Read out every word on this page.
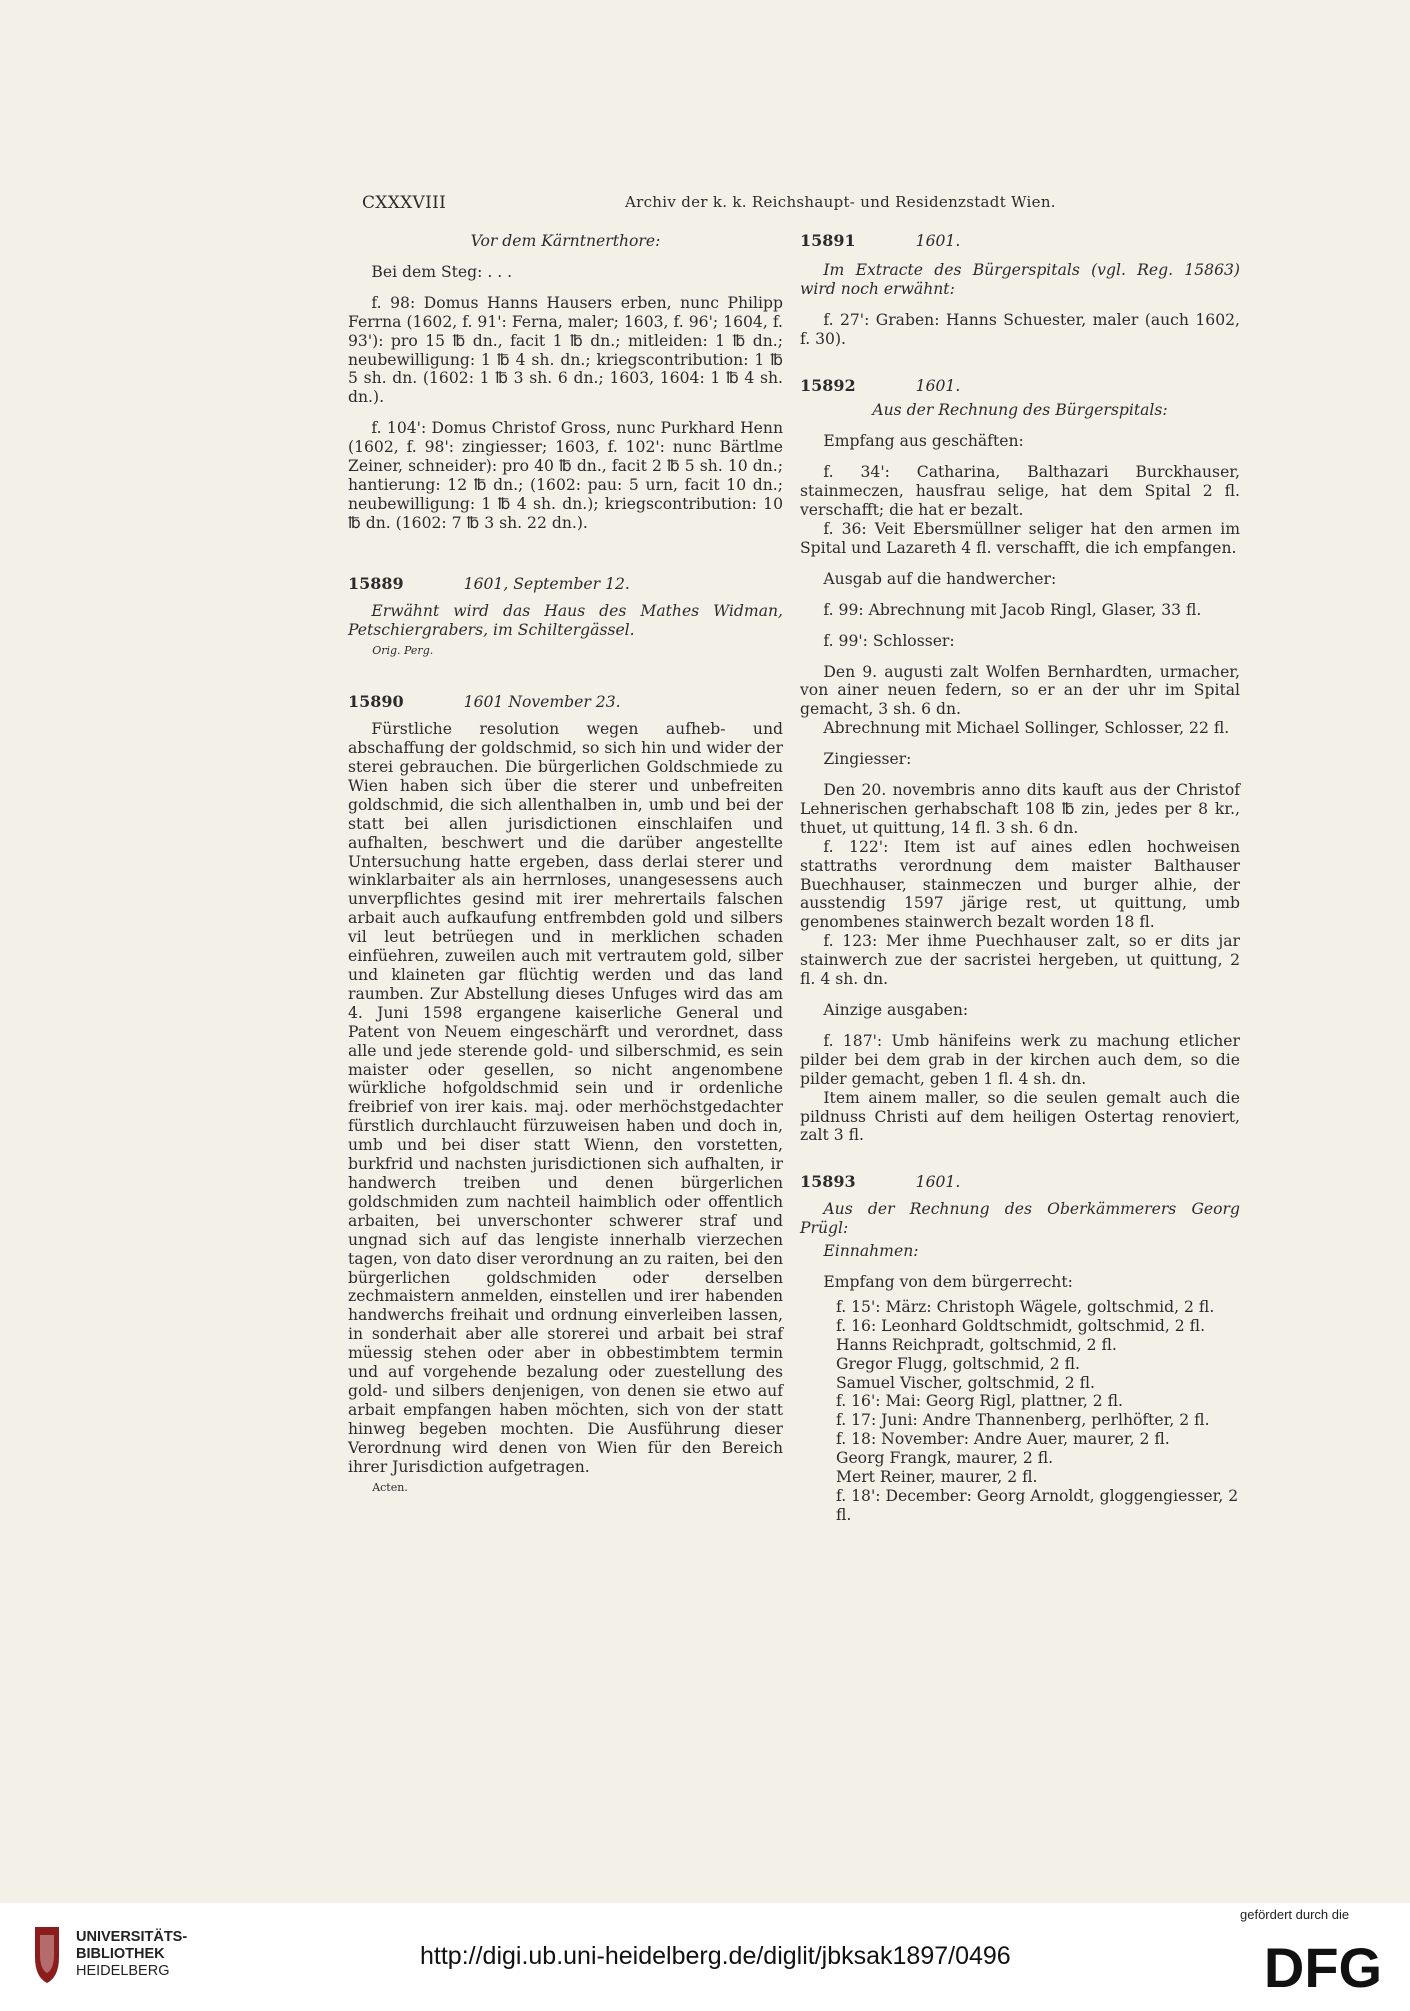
CXXXVIII	Archiv der k. k. Reichshaupt- und Residenzstadt Wien.

Vor dem Kärntnerthore:

Bei dem Steg: . . .

f. 98: Domus Hanns Hausers erben, nunc Philipp Ferrna (1602, f. 91': Ferna, maler; 1603, f. 96'; 1604, f. 93'): pro 15 ℔ dn., facit 1 ℔ dn.; mitleiden: 1 ℔ dn.; neubewilligung: 1 ℔ 4 sh. dn.; kriegscontribution: 1 ℔ 5 sh. dn. (1602: 1 ℔ 3 sh. 6 dn.; 1603, 1604: 1 ℔ 4 sh. dn.).

f. 104': Domus Christof Gross, nunc Purkhard Henn (1602, f. 98': zingiesser; 1603, f. 102': nunc Bärtlme Zeiner, schneider): pro 40 ℔ dn., facit 2 ℔ 5 sh. 10 dn.; hantierung: 12 ℔ dn.; (1602: pau: 5 urn, facit 10 dn.; neubewilligung: 1 ℔ 4 sh. dn.); kriegscontribution: 10 ℔ dn. (1602: 7 ℔ 3 sh. 22 dn.).

15889	1601, September 12.

Erwähnt wird das Haus des Mathes Widman, Petschiergrabers, im Schiltergässel.

Orig. Perg.

15890	1601 November 23.

Fürstliche resolution wegen aufheb- und abschaffung der goldschmid, so sich hin und wider der sterei gebrauchen. Die bürgerlichen Goldschmiede zu Wien haben sich über die sterer und unbefreiten goldschmid, die sich allenthalben in, umb und bei der statt bei allen jurisdictionen einschlaifen und aufhalten, beschwert und die darüber angestellte Untersuchung hatte ergeben, dass derlai sterer und winklarbaiter als ain herrnloses, unangesessens auch unverpflichtes gesind mit irer mehrertails falschen arbait auch aufkaufung entfrembden gold und silbers vil leut betrüegen und in merklichen schaden einfüehren, zuweilen auch mit vertrautem gold, silber und klaineten gar flüchtig werden und das land raumben. Zur Abstellung dieses Unfuges wird das am 4. Juni 1598 ergangene kaiserliche General und Patent von Neuem eingeschärft und verordnet, dass alle und jede sterende gold- und silberschmid, es sein maister oder gesellen, so nicht angenombene würkliche hofgoldschmid sein und ir ordenliche freibrief von irer kais. maj. oder merhöchstgedachter fürstlich durchlaucht fürzuweisen haben und doch in, umb und bei diser statt Wienn, den vorstetten, burkfrid und nachsten jurisdictionen sich aufhalten, ir handwerch treiben und denen bürgerlichen goldschmiden zum nachteil haimblich oder offentlich arbaiten, bei unverschonter schwerer straf und ungnad sich auf das lengiste innerhalb vierzechen tagen, von dato diser verordnung an zu raiten, bei den bürgerlichen goldschmiden oder derselben zechmaistern anmelden, einstellen und irer habenden handwerchs freihait und ordnung einverleiben lassen, in sonderhait aber alle storerei und arbait bei straf müessig stehen oder aber in obbestimbtem termin und auf vorgehende bezalung oder zuestellung des gold- und silbers denjenigen, von denen sie etwo auf arbait empfangen haben möchten, sich von der statt hinweg begeben mochten. Die Ausführung dieser Verordnung wird denen von Wien für den Bereich ihrer Jurisdiction aufgetragen.

Acten.

15891	1601.

Im Extracte des Bürgerspitals (vgl. Reg. 15863) wird noch erwähnt:

f. 27': Graben: Hanns Schuester, maler (auch 1602, f. 30).

15892	1601.

Aus der Rechnung des Bürgerspitals:

Empfang aus geschäften:

f. 34': Catharina, Balthazari Burckhauser, stainmeczen, hausfrau selige, hat dem Spital 2 fl. verschafft; die hat er bezalt.

f. 36: Veit Ebersmüllner seliger hat den armen im Spital und Lazareth 4 fl. verschafft, die ich empfangen.

Ausgab auf die handwercher:

f. 99: Abrechnung mit Jacob Ringl, Glaser, 33 fl.

f. 99': Schlosser:

Den 9. augusti zalt Wolfen Bernhardten, urmacher, von ainer neuen federn, so er an der uhr im Spital gemacht, 3 sh. 6 dn.

Abrechnung mit Michael Sollinger, Schlosser, 22 fl.

Zingiesser:

Den 20. novembris anno dits kauft aus der Christof Lehnerischen gerhabschaft 108 ℔ zin, jedes per 8 kr., thuet, ut quittung, 14 fl. 3 sh. 6 dn.

f. 122': Item ist auf aines edlen hochweisen stattraths verordnung dem maister Balthauser Buechhauser, stainmeczen und burger alhie, der ausstendig 1597 järige rest, ut quittung, umb genombenes stainwerch bezalt worden 18 fl.

f. 123: Mer ihme Puechhauser zalt, so er dits jar stainwerch zue der sacristei hergeben, ut quittung, 2 fl. 4 sh. dn.

Ainzige ausgaben:

f. 187': Umb hänifeins werk zu machung etlicher pilder bei dem grab in der kirchen auch dem, so die pilder gemacht, geben 1 fl. 4 sh. dn.

Item ainem maller, so die seulen gemalt auch die pildnuss Christi auf dem heiligen Ostertag renoviert, zalt 3 fl.

15893	1601.

Aus der Rechnung des Oberkämmerers Georg Prügl:

Einnahmen:

Empfang von dem bürgerrecht:

f. 15': März: Christoph Wägele, goltschmid, 2 fl.

f. 16: Leonhard Goldtschmidt, goltschmid, 2 fl.

Hanns Reichpradt, goltschmid, 2 fl.

Gregor Flugg, goltschmid, 2 fl.

Samuel Vischer, goltschmid, 2 fl.

f. 16': Mai: Georg Rigl, plattner, 2 fl.

f. 17: Juni: Andre Thannenberg, perlhöfter, 2 fl.

f. 18: November: Andre Auer, maurer, 2 fl.

Georg Frangk, maurer, 2 fl.

Mert Reiner, maurer, 2 fl.

f. 18': December: Georg Arnoldt, gloggengiesser, 2 fl.

UNIVERSITÄTS-
BIBLIOTHEK
HEIDELBERG
http://digi.ub.uni-heidelberg.de/diglit/jbksak1897/0496
gefördert durch die
DFG
